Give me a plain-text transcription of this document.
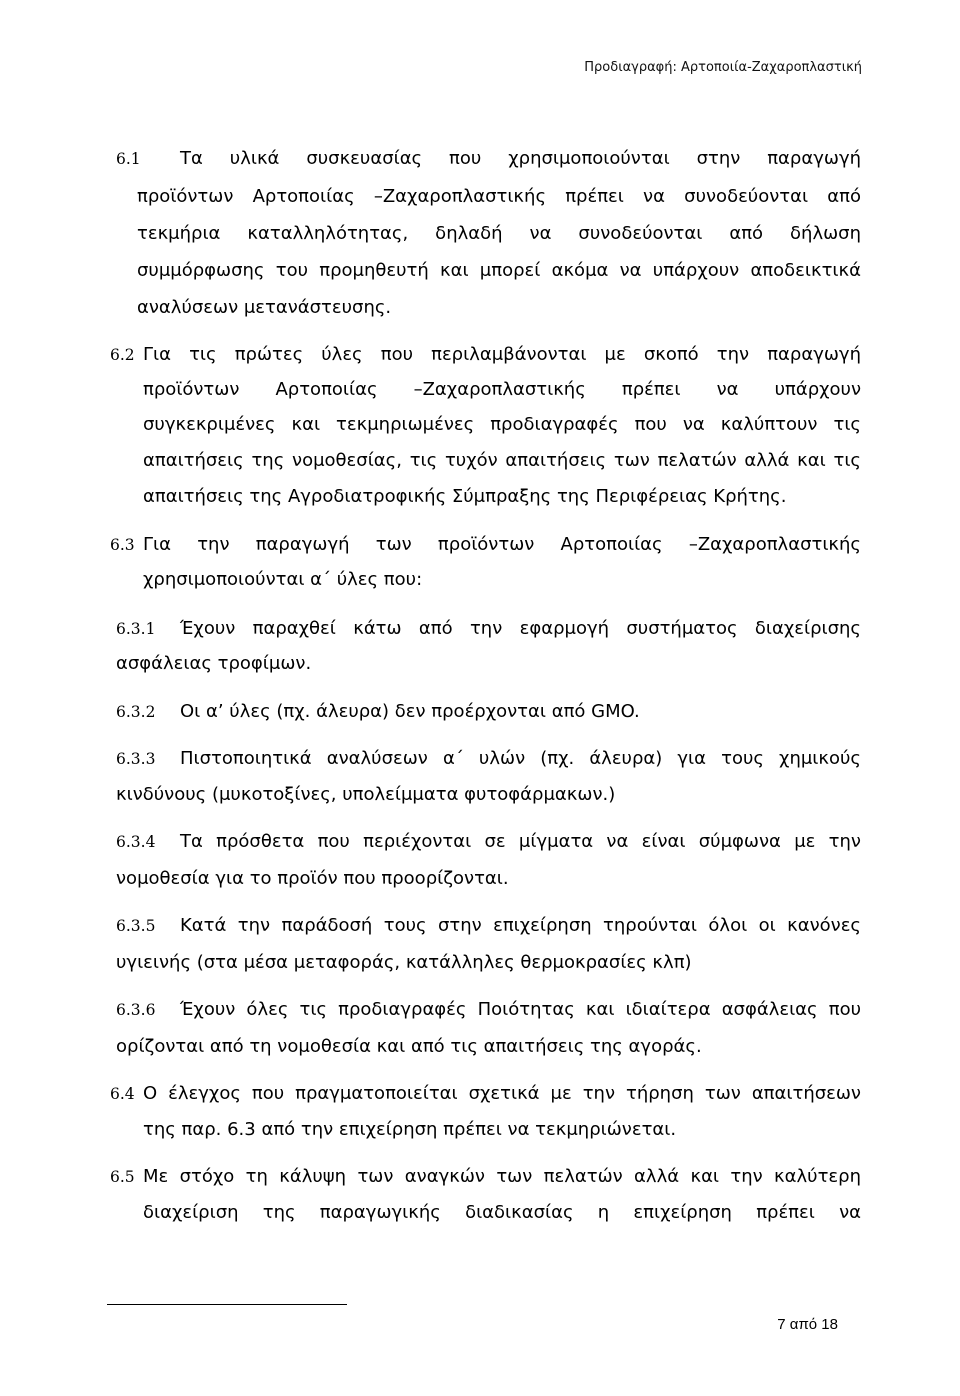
Προδιαγραφή: Αρτοποιία-Ζαχαροπλαστική
6.1 Τα υλικά συσκευασίας που χρησιμοποιούνται στην παραγωγή
προϊόντων Αρτοποιίας –Ζαχαροπλαστικής πρέπει να συνοδεύονται από
τεκμήρια καταλληλότητας, δηλαδή να συνοδεύονται από δήλωση
συμμόρφωσης του προμηθευτή και μπορεί ακόμα να υπάρχουν αποδεικτικά
αναλύσεων μετανάστευσης.
6.2 Για τις πρώτες ύλες που περιλαμβάνονται με σκοπό την παραγωγή
προϊόντων Αρτοποιίας –Ζαχαροπλαστικής πρέπει να υπάρχουν
συγκεκριμένες και τεκμηριωμένες προδιαγραφές που να καλύπτουν τις
απαιτήσεις της νομοθεσίας, τις τυχόν απαιτήσεις των πελατών αλλά και τις
απαιτήσεις της Αγροδιατροφικής Σύμπραξης της Περιφέρειας Κρήτης.
6.3 Για την παραγωγή των προϊόντων Αρτοποιίας –Ζαχαροπλαστικής
χρησιμοποιούνται α΄ ύλες που:
6.3.1 Έχουν παραχθεί κάτω από την εφαρμογή συστήματος διαχείρισης
ασφάλειας τροφίμων.
6.3.2 Οι α’ ύλες (πχ. άλευρα) δεν προέρχονται από GMO.
6.3.3 Πιστοποιητικά αναλύσεων α΄ υλών (πχ. άλευρα) για τους χημικούς
κινδύνους (μυκοτοξίνες, υπολείμματα φυτοφάρμακων.)
6.3.4 Τα πρόσθετα που περιέχονται σε μίγματα να είναι σύμφωνα με την
νομοθεσία για το προϊόν που προορίζονται.
6.3.5 Κατά την παράδοσή τους στην επιχείρηση τηρούνται όλοι οι κανόνες
υγιεινής (στα μέσα μεταφοράς, κατάλληλες θερμοκρασίες κλπ)
6.3.6 Έχουν όλες τις προδιαγραφές Ποιότητας και ιδιαίτερα ασφάλειας που
ορίζονται από τη νομοθεσία και από τις απαιτήσεις της αγοράς.
6.4 Ο έλεγχος που πραγματοποιείται σχετικά με την τήρηση των απαιτήσεων
της παρ. 6.3 από την επιχείρηση πρέπει να τεκμηριώνεται.
6.5 Με στόχο τη κάλυψη των αναγκών των πελατών αλλά και την καλύτερη
διαχείριση της παραγωγικής διαδικασίας η επιχείρηση πρέπει να
7 από 18
